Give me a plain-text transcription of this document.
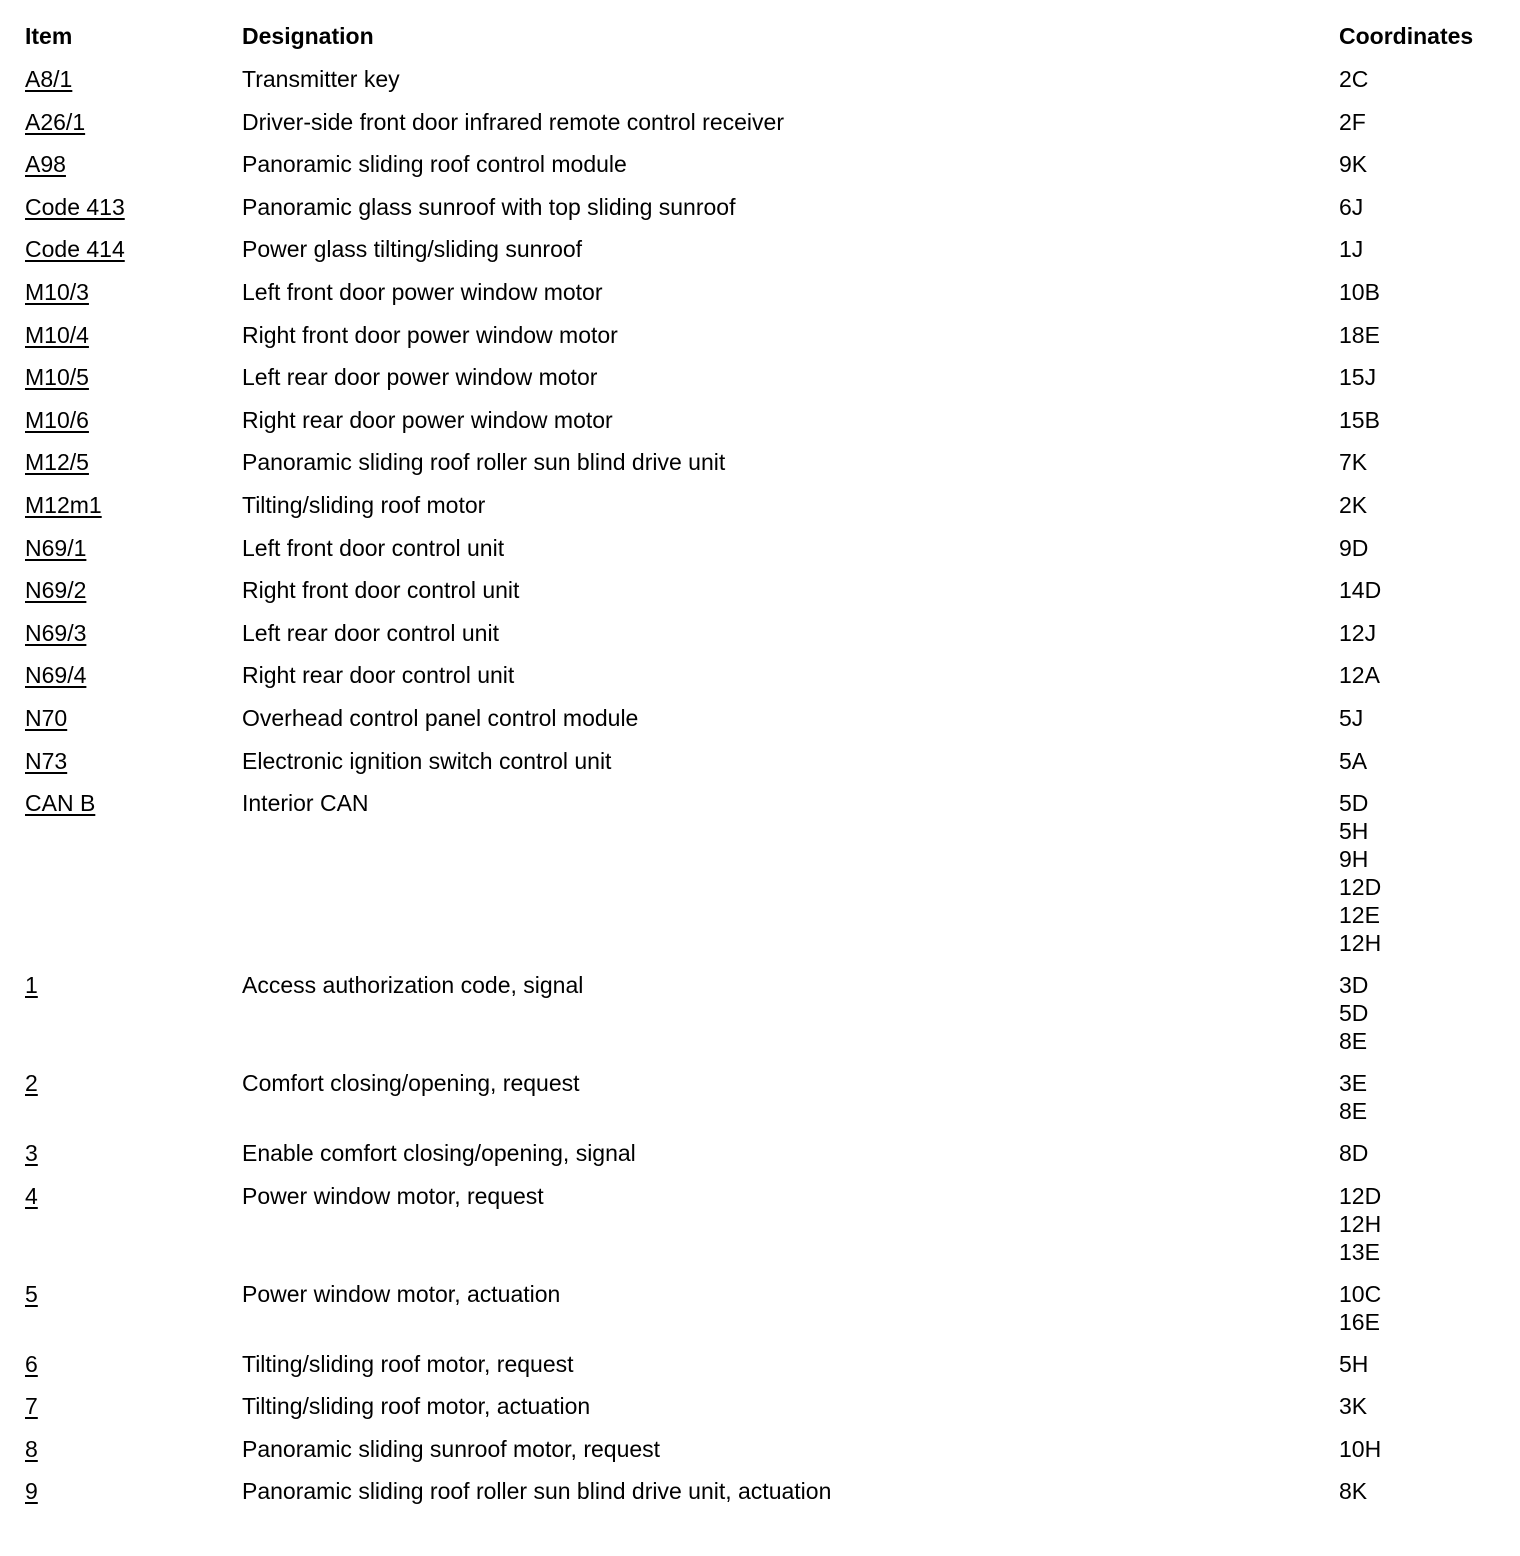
Item	Designation	Coordinates
A8/1	Transmitter key	2C
A26/1	Driver-side front door infrared remote control receiver	2F
A98	Panoramic sliding roof control module	9K
Code 413	Panoramic glass sunroof with top sliding sunroof	6J
Code 414	Power glass tilting/sliding sunroof	1J
M10/3	Left front door power window motor	10B
M10/4	Right front door power window motor	18E
M10/5	Left rear door power window motor	15J
M10/6	Right rear door power window motor	15B
M12/5	Panoramic sliding roof roller sun blind drive unit	7K
M12m1	Tilting/sliding roof motor	2K
N69/1	Left front door control unit	9D
N69/2	Right front door control unit	14D
N69/3	Left rear door control unit	12J
N69/4	Right rear door control unit	12A
N70	Overhead control panel control module	5J
N73	Electronic ignition switch control unit	5A
CAN B	Interior CAN	5D
5H
9H
12D
12E
12H
1	Access authorization code, signal	3D
5D
8E
2	Comfort closing/opening, request	3E
8E
3	Enable comfort closing/opening, signal	8D
4	Power window motor, request	12D
12H
13E
5	Power window motor, actuation	10C
16E
6	Tilting/sliding roof motor, request	5H
7	Tilting/sliding roof motor, actuation	3K
8	Panoramic sliding sunroof motor, request	10H
9	Panoramic sliding roof roller sun blind drive unit, actuation	8K
